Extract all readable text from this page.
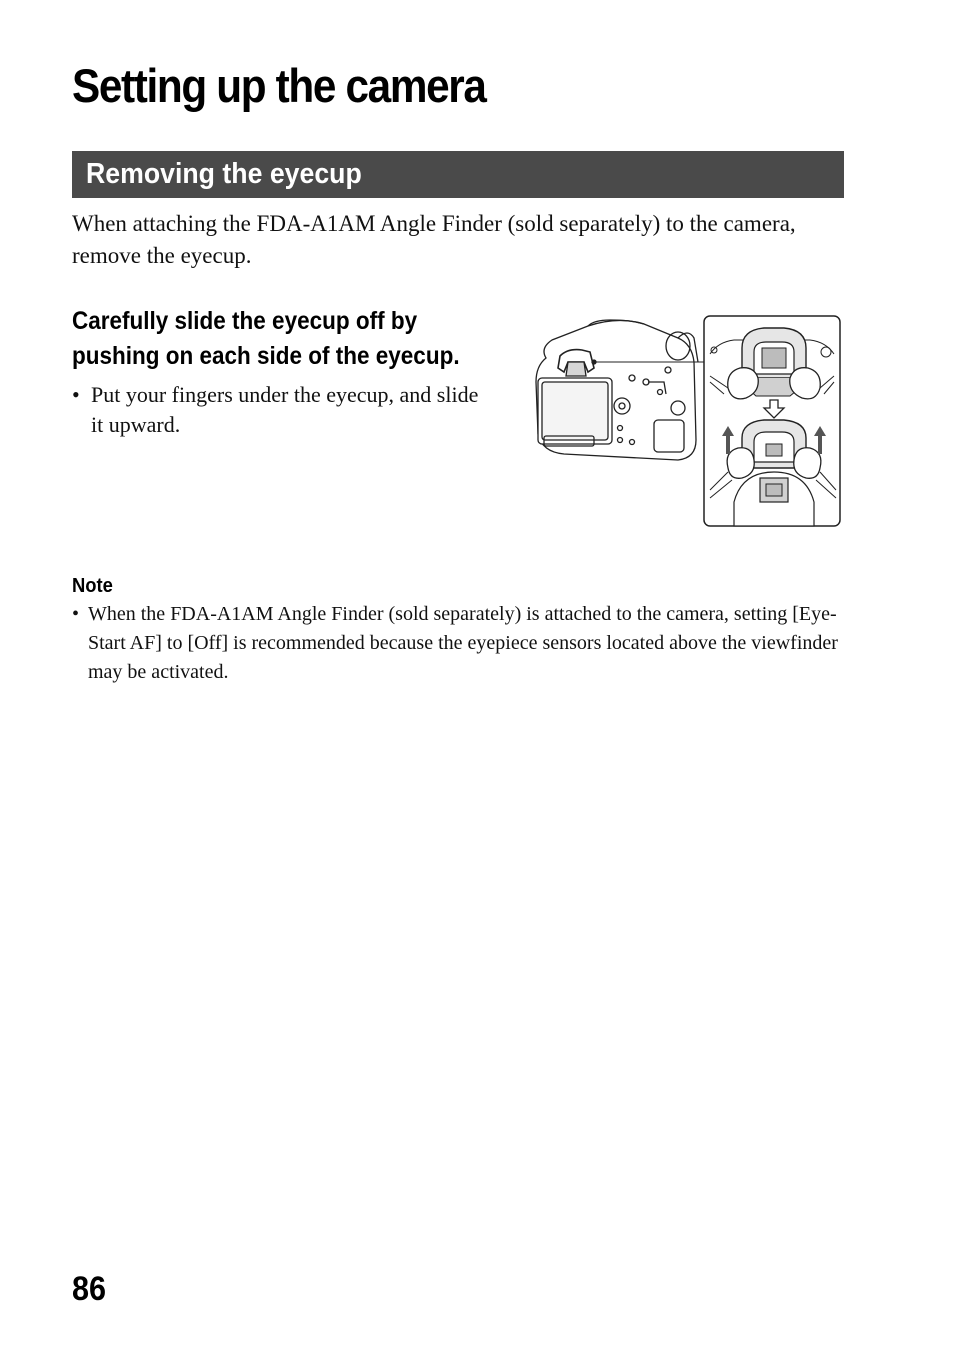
Setting up the camera
Removing the eyecup

When attaching the FDA-A1AM Angle Finder (sold separately) to the camera, remove the eyecup.

Carefully slide the eyecup off by pushing on each side of the eyecup.
• Put your fingers under the eyecup, and slide it upward.

Note

• When the FDA-A1AM Angle Finder (sold separately) is attached to the camera, setting [Eye-Start AF] to [Off] is recommended because the eyepiece sensors located above the viewfinder may be activated.

86
